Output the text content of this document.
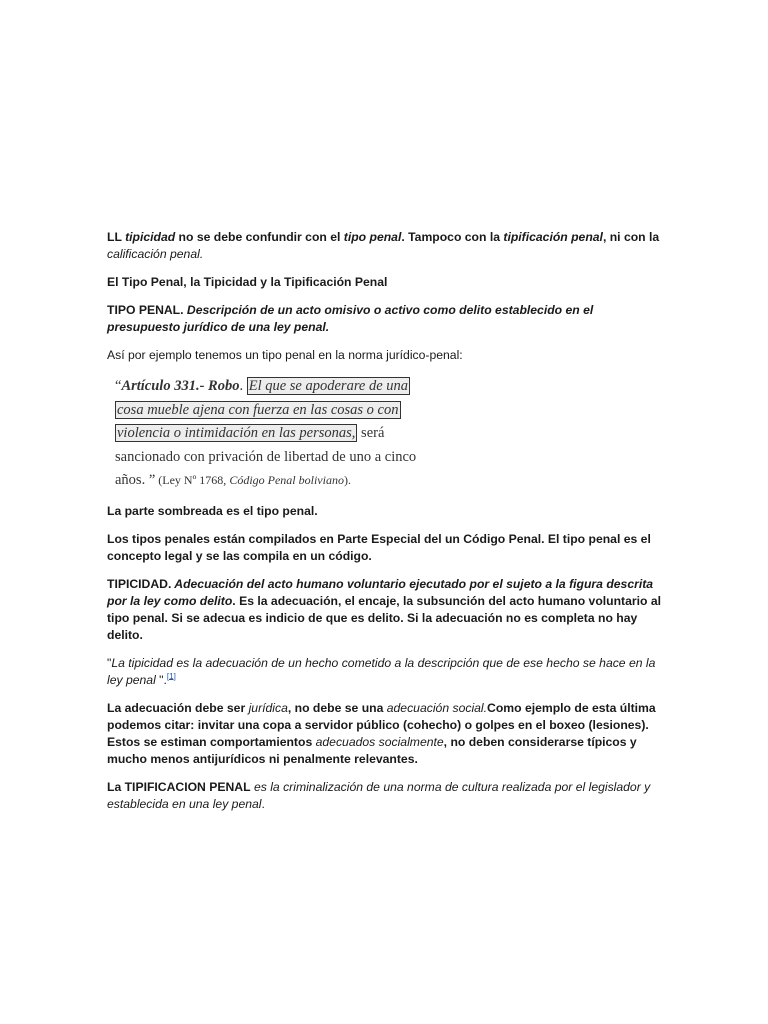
LL tipicidad no se debe confundir con el tipo penal. Tampoco con la tipificación penal, ni con la calificación penal.

El Tipo Penal, la Tipicidad y la Tipificación Penal

TIPO PENAL. Descripción de un acto omisivo o activo como delito establecido en el presupuesto jurídico de una ley penal.

Así por ejemplo tenemos un tipo penal en la norma jurídico-penal:

“Artículo 331.- Robo. El que se apoderare de una
cosa mueble ajena con fuerza en las cosas o con
violencia o intimidación en las personas, será
sancionado con privación de libertad de uno a cinco
años. ” (Ley Nº 1768, Código Penal boliviano).

La parte sombreada es el tipo penal.

Los tipos penales están compilados en Parte Especial del un Código Penal. El tipo penal es el concepto legal y se las compila en un código.

TIPICIDAD. Adecuación del acto humano voluntario ejecutado por el sujeto a la figura descrita por la ley como delito. Es la adecuación, el encaje, la subsunción del acto humano voluntario al tipo penal. Si se adecua es indicio de que es delito. Si la adecuación no es completa no hay delito.

"La tipicidad es la adecuación de un hecho cometido a la descripción que de ese hecho se hace en la ley penal ".[1]

La adecuación debe ser jurídica, no debe se una adecuación social.Como ejemplo de esta última podemos citar: invitar una copa a servidor público (cohecho) o golpes en el boxeo (lesiones). Estos se estiman comportamientos adecuados socialmente, no deben considerarse típicos y mucho menos antijurídicos ni penalmente relevantes.

La TIPIFICACION PENAL es la criminalización de una norma de cultura realizada por el legislador y establecida en una ley penal.
